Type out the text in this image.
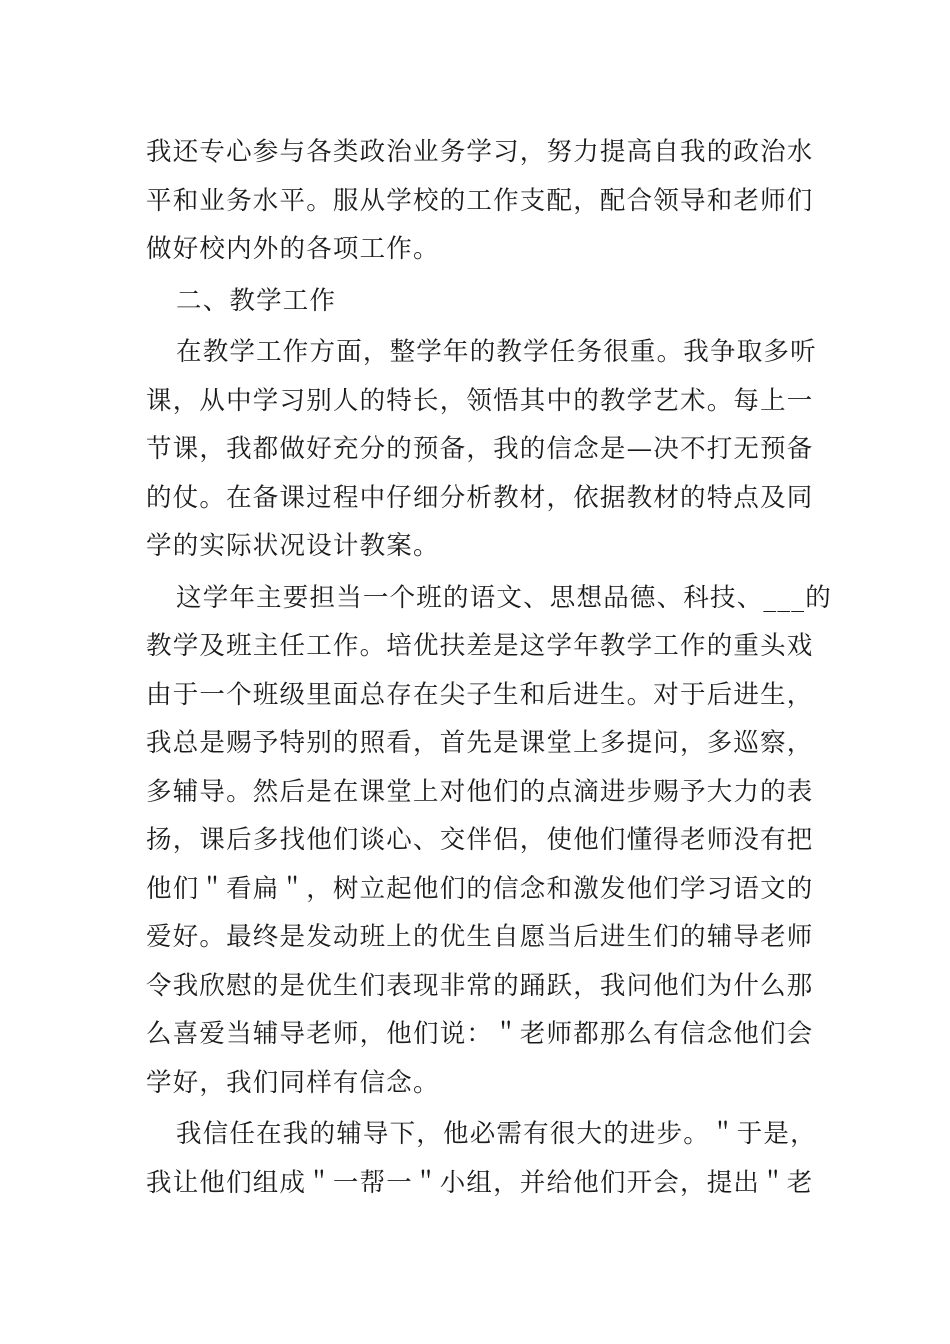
我还专心参与各类政治业务学习，努力提高自我的政治水
平和业务水平。服从学校的工作支配，配合领导和老师们
做好校内外的各项工作。
二、教学工作
在教学工作方面，整学年的教学任务很重。我争取多听
课，从中学习别人的特长，领悟其中的教学艺术。每上一
节课，我都做好充分的预备，我的信念是—决不打无预备
的仗。在备课过程中仔细分析教材，依据教材的特点及同
学的实际状况设计教案。
这学年主要担当一个班的语文、思想品德、科技、___的
教学及班主任工作。培优扶差是这学年教学工作的重头戏
由于一个班级里面总存在尖子生和后进生。对于后进生，
我总是赐予特别的照看，首先是课堂上多提问，多巡察，
多辅导。然后是在课堂上对他们的点滴进步赐予大力的表
扬，课后多找他们谈心、交伴侣，使他们懂得老师没有把
他们＂看扁＂，树立起他们的信念和激发他们学习语文的
爱好。最终是发动班上的优生自愿当后进生们的辅导老师
令我欣慰的是优生们表现非常的踊跃，我问他们为什么那
么喜爱当辅导老师，他们说：＂老师都那么有信念他们会
学好，我们同样有信念。
我信任在我的辅导下，他必需有很大的进步。＂于是，
我让他们组成＂一帮一＂小组，并给他们开会，提出＂老
